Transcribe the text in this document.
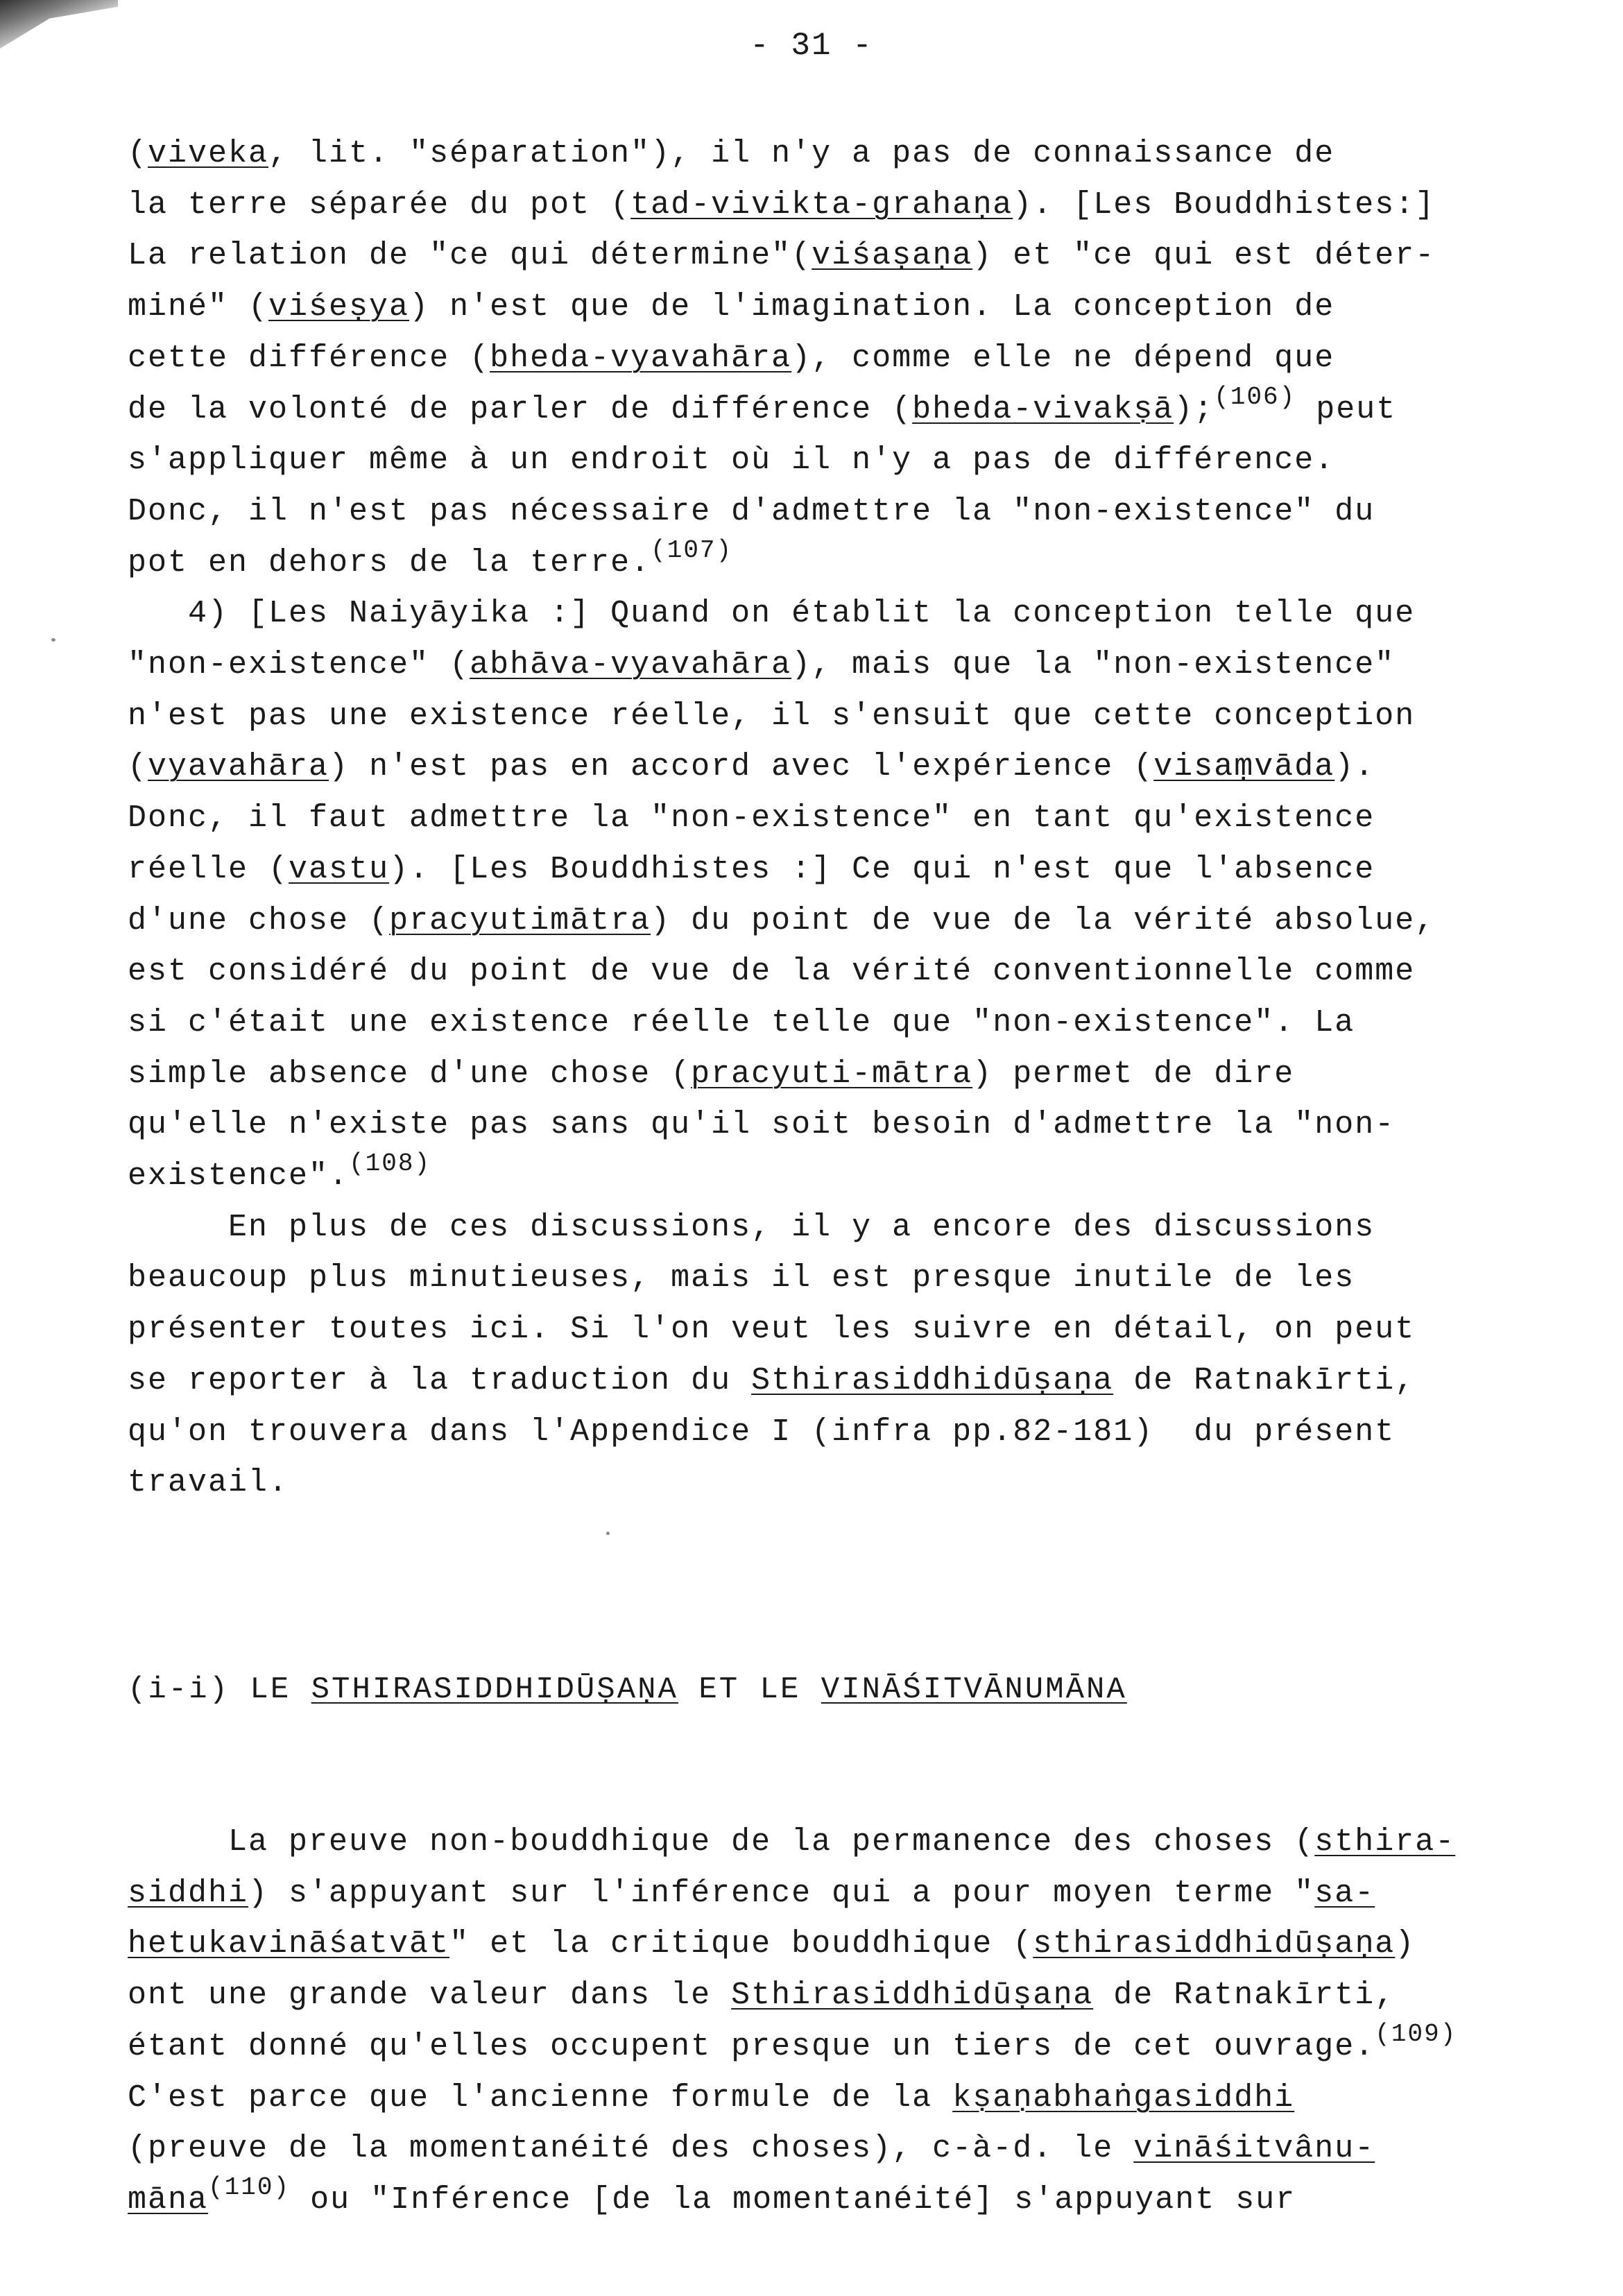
- 31 -
(viveka, lit. "séparation"), il n'y a pas de connaissance de
la terre séparée du pot (tad-vivikta-grahaṇa). [Les Bouddhistes:]
La relation de "ce qui détermine"(viśaṣaṇa) et "ce qui est déter-
miné" (viśeṣya) n'est que de l'imagination. La conception de
cette différence (bheda-vyavahāra), comme elle ne dépend que
de la volonté de parler de différence (bheda-vivakṣā);$^{(106)}$ peut
s'appliquer même à un endroit où il n'y a pas de différence.
Donc, il n'est pas nécessaire d'admettre la "non-existence" du
pot en dehors de la terre.$^{(107)}$
4) [Les Naiyāyika :] Quand on établit la conception telle que
"non-existence" (abhāva-vyavahāra), mais que la "non-existence"
n'est pas une existence réelle, il s'ensuit que cette conception
(vyavahāra) n'est pas en accord avec l'expérience (visaṃvāda).
Donc, il faut admettre la "non-existence" en tant qu'existence
réelle (vastu). [Les Bouddhistes :] Ce qui n'est que l'absence
d'une chose (pracyutimātra) du point de vue de la vérité absolue,
est considéré du point de vue de la vérité conventionnelle comme
si c'était une existence réelle telle que "non-existence". La
simple absence d'une chose (pracyuti-mātra) permet de dire
qu'elle n'existe pas sans qu'il soit besoin d'admettre la "non-
existence".$^{(108)}$
En plus de ces discussions, il y a encore des discussions
beaucoup plus minutieuses, mais il est presque inutile de les
présenter toutes ici. Si l'on veut les suivre en détail, on peut
se reporter à la traduction du Sthirasiddhidūṣaṇa de Ratnakīrti,
qu'on trouvera dans l'Appendice I (infra pp.82-181)  du présent
travail.
(i-i) LE STHIRASIDDHIDŪṢAṆA ET LE VINĀŚITVĀNUMĀNA
La preuve non-bouddhique de la permanence des choses (sthira-
siddhi) s'appuyant sur l'inférence qui a pour moyen terme "sa-
hetukavināśatvāt" et la critique bouddhique (sthirasiddhidūṣaṇa)
ont une grande valeur dans le Sthirasiddhidūṣaṇa de Ratnakīrti,
étant donné qu'elles occupent presque un tiers de cet ouvrage.$^{(109)}$
C'est parce que l'ancienne formule de la kṣaṇabhaṅgasiddhi
(preuve de la momentanéité des choses), c-à-d. le vināśitvânu-
māna$^{(110)}$ ou "Inférence [de la momentanéité] s'appuyant sur
